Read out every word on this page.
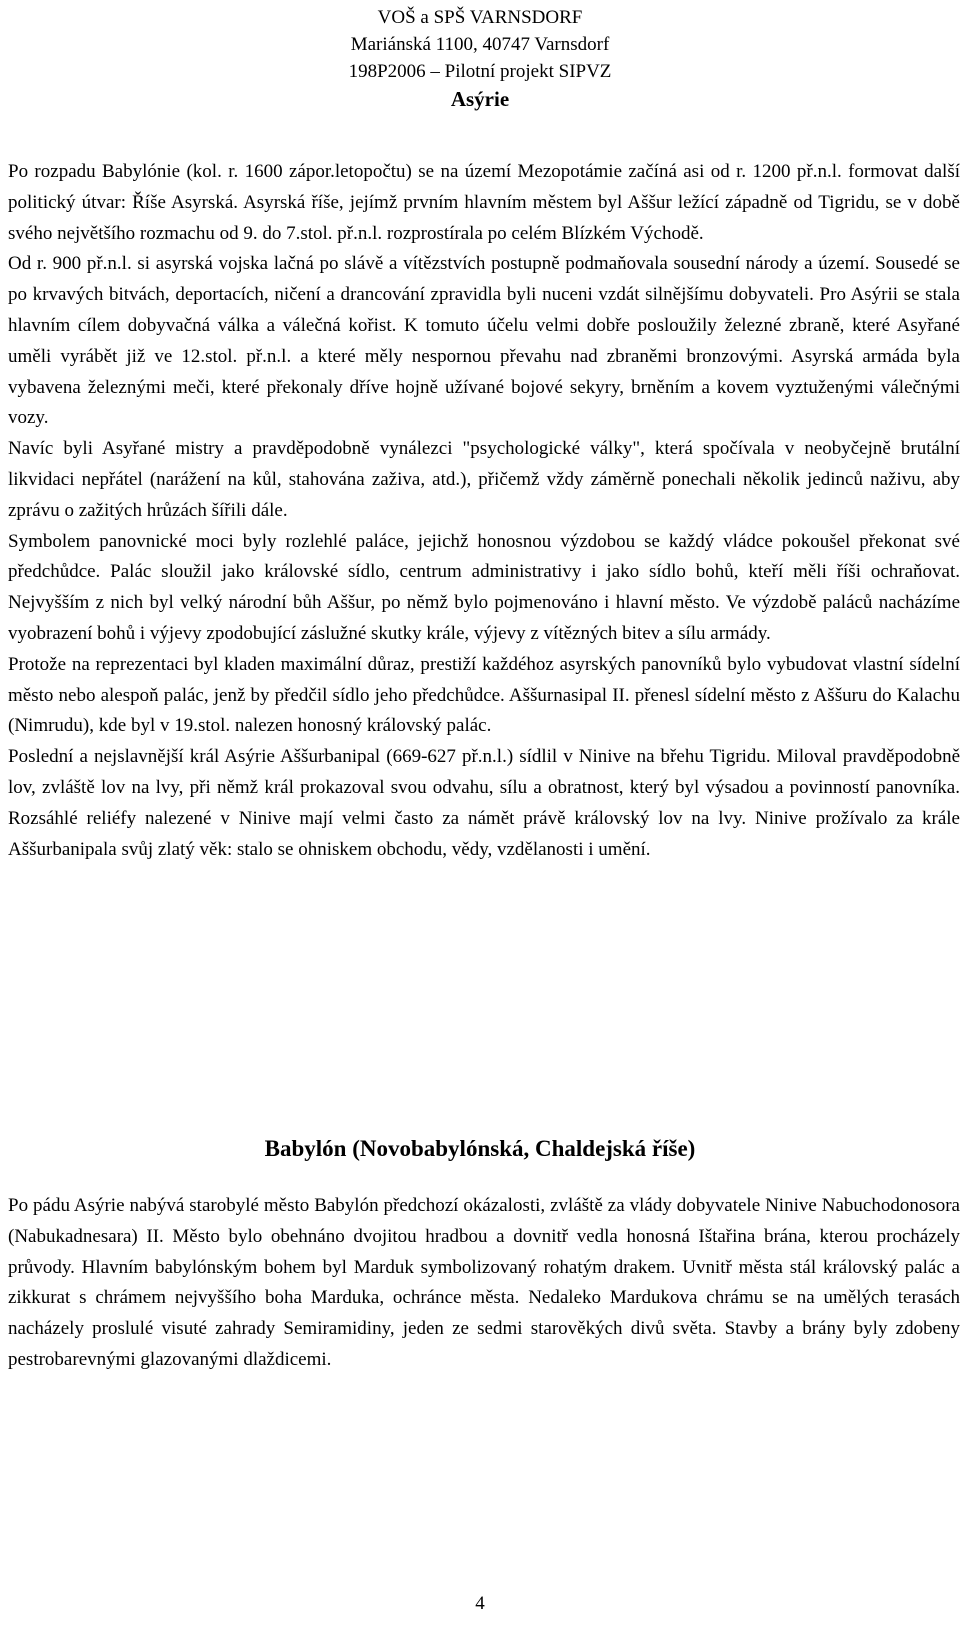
VOŠ a SPŠ VARNSDORF
Mariánská 1100, 40747 Varnsdorf
198P2006 – Pilotní projekt SIPVZ
Asýrie

Po rozpadu Babylónie (kol. r. 1600 zápor.letopočtu) se na území Mezopotámie začíná asi od r. 1200 př.n.l. formovat další politický útvar: Říše Asyrská. Asyrská říše, jejímž prvním hlavním městem byl Aššur ležící západně od Tigridu, se v době svého největšího rozmachu od 9. do 7.stol. př.n.l. rozprostírala po celém Blízkém Východě.

Od r. 900 př.n.l. si asyrská vojska lačná po slávě a vítězstvích postupně podmaňovala sousední národy a území. Sousedé se po krvavých bitvách, deportacích, ničení a drancování zpravidla byli nuceni vzdát silnějšímu dobyvateli. Pro Asýrii se stala hlavním cílem dobyvačná válka a válečná kořist. K tomuto účelu velmi dobře posloužily železné zbraně, které Asyřané uměli vyrábět již ve 12.stol. př.n.l. a které měly nespornou převahu nad zbraněmi bronzovými. Asyrská armáda byla vybavena železnými meči, které překonaly dříve hojně užívané bojové sekyry, brněním a kovem vyztuženými válečnými vozy.

Navíc byli Asyřané mistry a pravděpodobně vynálezci "psychologické války", která spočívala v neobyčejně brutální likvidaci nepřátel (narážení na kůl, stahována zaživa, atd.), přičemž vždy záměrně ponechali několik jedinců naživu, aby zprávu o zažitých hrůzách šířili dále.

Symbolem panovnické moci byly rozlehlé paláce, jejichž honosnou výzdobou se každý vládce pokoušel překonat své předchůdce. Palác sloužil jako královské sídlo, centrum administrativy i jako sídlo bohů, kteří měli říši ochraňovat. Nejvyšším z nich byl velký národní bůh Aššur, po němž bylo pojmenováno i hlavní město. Ve výzdobě paláců nacházíme vyobrazení bohů i výjevy zpodobující záslužné skutky krále, výjevy z vítězných bitev a sílu armády.

Protože na reprezentaci byl kladen maximální důraz, prestiží každéhoz asyrských panovníků bylo vybudovat vlastní sídelní město nebo alespoň palác, jenž by předčil sídlo jeho předchůdce. Aššurnasipal II. přenesl sídelní město z Aššuru do Kalachu (Nimrudu), kde byl v 19.stol. nalezen honosný královský palác.

Poslední a nejslavnější král Asýrie Aššurbanipal (669-627 př.n.l.) sídlil v Ninive na břehu Tigridu. Miloval pravděpodobně lov, zvláště lov na lvy, při němž král prokazoval svou odvahu, sílu a obratnost, který byl výsadou a povinností panovníka. Rozsáhlé reliéfy nalezené v Ninive mají velmi často za námět právě královský lov na lvy. Ninive prožívalo za krále Aššurbanipala svůj zlatý věk: stalo se ohniskem obchodu, vědy, vzdělanosti i umění.

Babylón (Novobabylónská, Chaldejská říše)

Po pádu Asýrie nabývá starobylé město Babylón předchozí okázalosti, zvláště za vlády dobyvatele Ninive Nabuchodonosora (Nabukadnesara) II. Město bylo obehnáno dvojitou hradbou a dovnitř vedla honosná Ištařina brána, kterou procházely průvody. Hlavním babylónským bohem byl Marduk symbolizovaný rohatým drakem. Uvnitř města stál královský palác a zikkurat s chrámem nejvyššího boha Marduka, ochránce města. Nedaleko Mardukova chrámu se na umělých terasách nacházely proslulé visuté zahrady Semiramidiny, jeden ze sedmi starověkých divů světa. Stavby a brány byly zdobeny pestrobarevnými glazovanými dlaždicemi.

4
